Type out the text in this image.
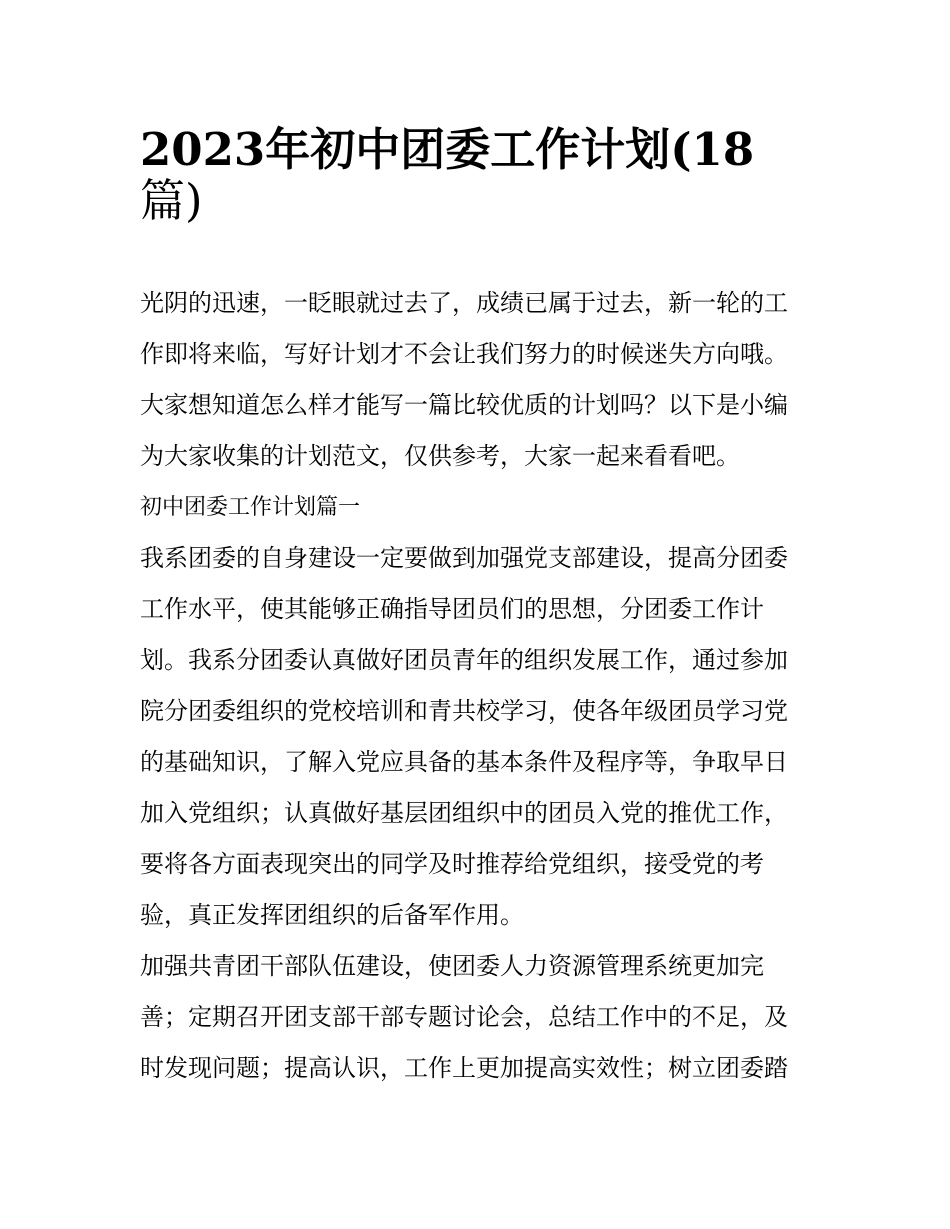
2023年初中团委工作计划(18
篇)

光阴的迅速，一眨眼就过去了，成绩已属于过去，新一轮的工
作即将来临，写好计划才不会让我们努力的时候迷失方向哦。
大家想知道怎么样才能写一篇比较优质的计划吗？以下是小编
为大家收集的计划范文，仅供参考，大家一起来看看吧。

初中团委工作计划篇一

我系团委的自身建设一定要做到加强党支部建设，提高分团委
工作水平，使其能够正确指导团员们的思想，分团委工作计
划。我系分团委认真做好团员青年的组织发展工作，通过参加
院分团委组织的党校培训和青共校学习，使各年级团员学习党
的基础知识，了解入党应具备的基本条件及程序等，争取早日
加入党组织；认真做好基层团组织中的团员入党的推优工作，
要将各方面表现突出的同学及时推荐给党组织，接受党的考
验，真正发挥团组织的后备军作用。

加强共青团干部队伍建设，使团委人力资源管理系统更加完
善；定期召开团支部干部专题讨论会，总结工作中的不足，及
时发现问题；提高认识，工作上更加提高实效性；树立团委踏
